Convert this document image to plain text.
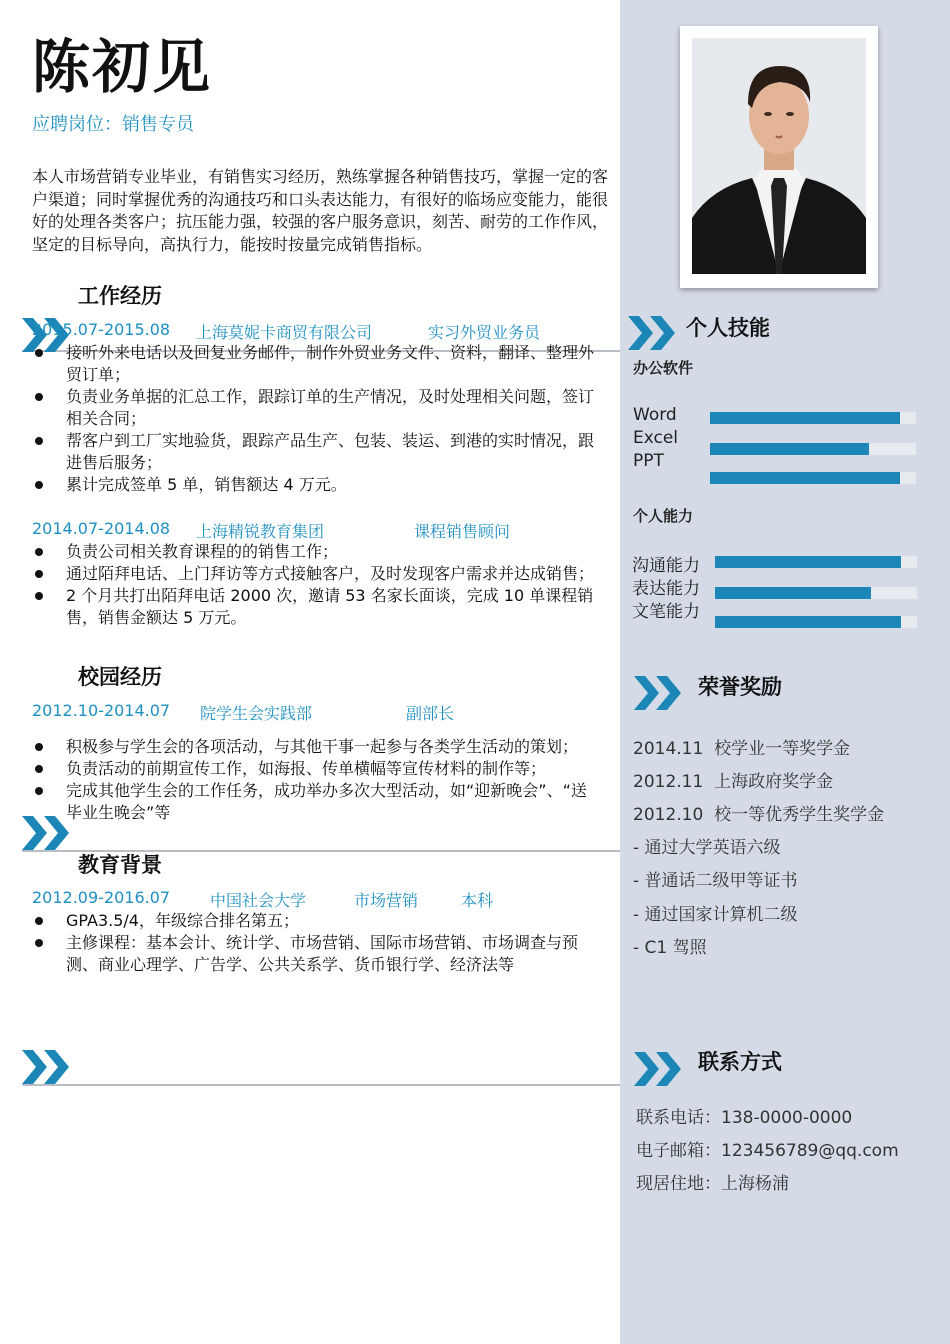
陈初见
应聘岗位：销售专员
本人市场营销专业毕业，有销售实习经历，熟练掌握各种销售技巧，掌握一定的客户渠道；同时掌握优秀的沟通技巧和口头表达能力，有很好的临场应变能力，能很好的处理各类客户；抗压能力强，较强的客户服务意识，刻苦、耐劳的工作作风，坚定的目标导向，高执行力，能按时按量完成销售指标。
工作经历
2015.07-2015.08 上海莫妮卡商贸有限公司	实习外贸业务员
接听外来电话以及回复业务邮件，制作外贸业务文件、资料，翻译、整理外贸订单；
负责业务单据的汇总工作，跟踪订单的生产情况，及时处理相关问题，签订相关合同；
帮客户到工厂实地验货，跟踪产品生产、包装、装运、到港的实时情况，跟进售后服务；
累计完成签单 5 单，销售额达 4 万元。
2014.07-2014.08 上海精锐教育集团	课程销售顾问
负责公司相关教育课程的的销售工作；
通过陌拜电话、上门拜访等方式接触客户，及时发现客户需求并达成销售；
2 个月共打出陌拜电话 2000 次，邀请 53 名家长面谈，完成 10 单课程销售，销售金额达 5 万元。
校园经历
2012.10-2014.07 院学生会实践部	副部长
积极参与学生会的各项活动，与其他干事一起参与各类学生活动的策划；
负责活动的前期宣传工作，如海报、传单横幅等宣传材料的制作等；
完成其他学生会的工作任务，成功举办多次大型活动，如“迎新晚会”、“送毕业生晚会”等
教育背景
2012.09-2016.07 中国社会大学	市场营销	本科
GPA3.5/4，年级综合排名第五；
主修课程：基本会计、统计学、市场营销、国际市场营销、市场调查与预测、商业心理学、广告学、公共关系学、货币银行学、经济法等
个人技能
办公软件
Word
Excel
PPT
个人能力
沟通能力
表达能力
文笔能力
荣誉奖励
2014.11 校学业一等奖学金
2012.11 上海政府奖学金
2012.10 校一等优秀学生奖学金
- 通过大学英语六级
- 普通话二级甲等证书
- 通过国家计算机二级
- C1 驾照
联系方式
联系电话：138-0000-0000
电子邮箱：123456789@qq.com
现居住地：上海杨浦
